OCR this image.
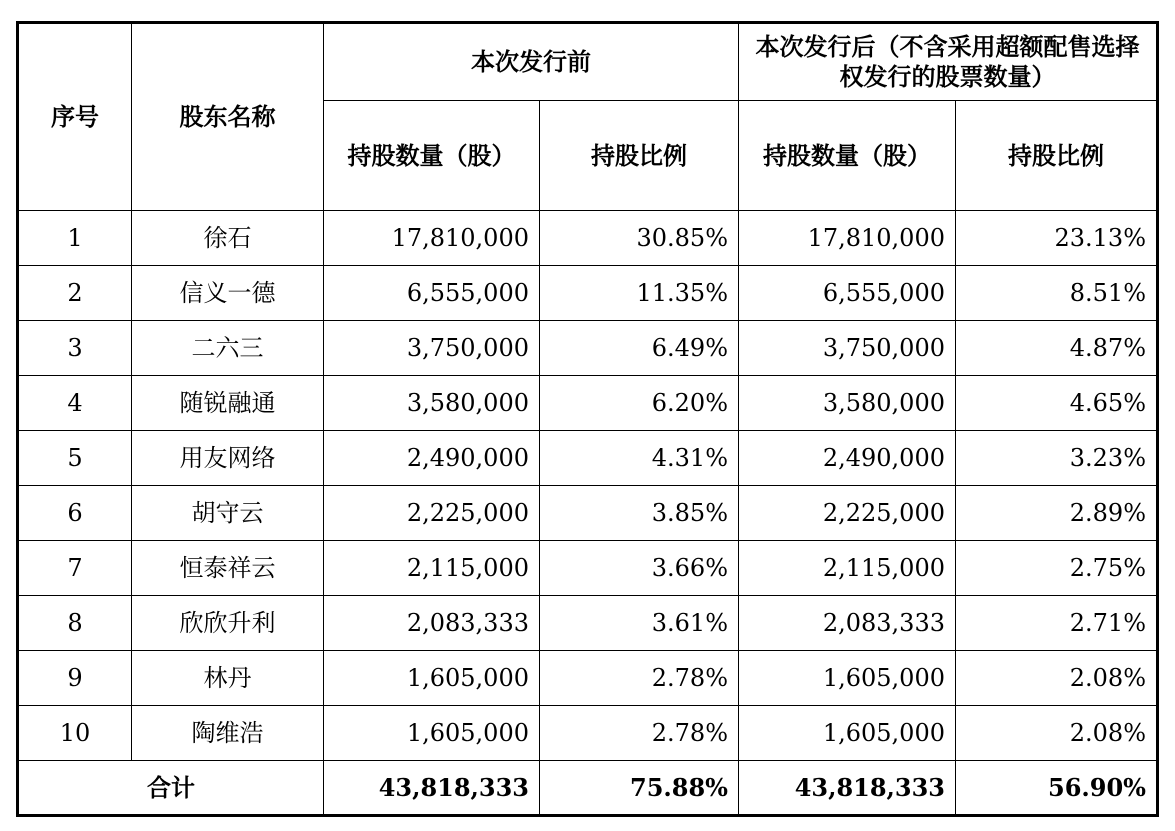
序号	股东名称	本次发行前		本次发行后（不含采用超额配售选择权发行的股票数量）	
		持股数量（股）	持股比例	持股数量（股）	持股比例
1	徐石	17,810,000	30.85%	17,810,000	23.13%
2	信义一德	6,555,000	11.35%	6,555,000	8.51%
3	二六三	3,750,000	6.49%	3,750,000	4.87%
4	随锐融通	3,580,000	6.20%	3,580,000	4.65%
5	用友网络	2,490,000	4.31%	2,490,000	3.23%
6	胡守云	2,225,000	3.85%	2,225,000	2.89%
7	恒泰祥云	2,115,000	3.66%	2,115,000	2.75%
8	欣欣升利	2,083,333	3.61%	2,083,333	2.71%
9	林丹	1,605,000	2.78%	1,605,000	2.08%
10	陶维浩	1,605,000	2.78%	1,605,000	2.08%
合计		43,818,333	75.88%	43,818,333	56.90%
